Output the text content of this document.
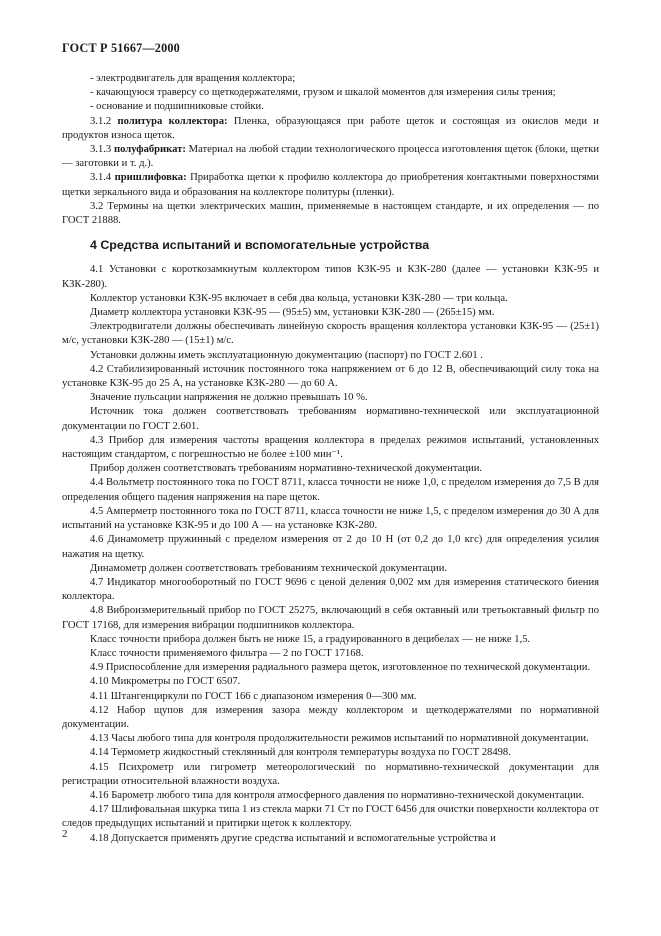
ГОСТ Р 51667—2000

- электродвигатель для вращения коллектора;

- качающуюся траверсу со щеткодержателями, грузом и шкалой моментов для измерения силы трения;

- основание и подшипниковые стойки.

3.1.2 политура коллектора: Пленка, образующаяся при работе щеток и состоящая из окислов меди и продуктов износа щеток.

3.1.3 полуфабрикат: Материал на любой стадии технологического процесса изготовления щеток (блоки, щетки — заготовки и т. д.).

3.1.4 пришлифовка: Приработка щетки к профилю коллектора до приобретения контактными поверхностями щетки зеркального вида и образования на коллекторе политуры (пленки).

3.2 Термины на щетки электрических машин, применяемые в настоящем стандарте, и их определения — по ГОСТ 21888.

4 Средства испытаний и вспомогательные устройства

4.1 Установки с короткозамкнутым коллектором типов КЗК-95 и КЗК-280 (далее — установки КЗК-95 и КЗК-280).

Коллектор установки КЗК-95 включает в себя два кольца, установки КЗК-280 — три кольца.

Диаметр коллектора установки КЗК-95 — (95±5) мм, установки КЗК-280 — (265±15) мм.

Электродвигатели должны обеспечивать линейную скорость вращения коллектора установки КЗК-95 — (25±1) м/с, установки КЗК-280 — (15±1) м/с.

Установки должны иметь эксплуатационную документацию (паспорт) по ГОСТ 2.601 .

4.2 Стабилизированный источник постоянного тока напряжением от 6 до 12 В, обеспечивающий силу тока на установке КЗК-95 до 25 А, на установке КЗК-280 — до 60 А.

Значение пульсации напряжения не должно превышать 10 %.

Источник тока должен соответствовать требованиям нормативно-технической или эксплуатационной документации по ГОСТ 2.601.

4.3 Прибор для измерения частоты вращения коллектора в пределах режимов испытаний, установленных настоящим стандартом, с погрешностью не более ±100 мин⁻¹.

Прибор должен соответствовать требованиям нормативно-технической документации.

4.4 Вольтметр постоянного тока по ГОСТ 8711, класса точности не ниже 1,0, с пределом измерения до 7,5 В для определения общего падения напряжения на паре щеток.

4.5 Амперметр постоянного тока по ГОСТ 8711, класса точности не ниже 1,5, с пределом измерения до 30 А для испытаний на установке КЗК-95 и до 100 А — на установке КЗК-280.

4.6 Динамометр пружинный с пределом измерения от 2 до 10 Н (от 0,2 до 1,0 кгс) для определения усилия нажатия на щетку.

Динамометр должен соответствовать требованиям технической документации.

4.7 Индикатор многооборотный по ГОСТ 9696 с ценой деления 0,002 мм для измерения статического биения коллектора.

4.8 Виброизмерительный прибор по ГОСТ 25275, включающий в себя октавный или третьоктавный фильтр по ГОСТ 17168, для измерения вибрации подшипников коллектора.

Класс точности прибора должен быть не ниже 15, а градуированного в децибелах — не ниже 1,5.

Класс точности применяемого фильтра — 2 по ГОСТ 17168.

4.9 Приспособление для измерения радиального размера щеток, изготовленное по технической документации.

4.10 Микрометры по ГОСТ 6507.

4.11 Штангенциркули по ГОСТ 166 с диапазоном измерения 0—300 мм.

4.12 Набор щупов для измерения зазора между коллектором и щеткодержателями по нормативной документации.

4.13 Часы любого типа для контроля продолжительности режимов испытаний по нормативной документации.

4.14 Термометр жидкостный стеклянный для контроля температуры воздуха по ГОСТ 28498.

4.15 Психрометр или гигрометр метеорологический по нормативно-технической документации для регистрации относительной влажности воздуха.

4.16 Барометр любого типа для контроля атмосферного давления по нормативно-технической документации.

4.17 Шлифовальная шкурка типа 1 из стекла марки 71 Ст по ГОСТ 6456 для очистки поверхности коллектора от следов предыдущих испытаний и притирки щеток к коллектору.

4.18 Допускается применять другие средства испытаний и вспомогательные устройства и

2
